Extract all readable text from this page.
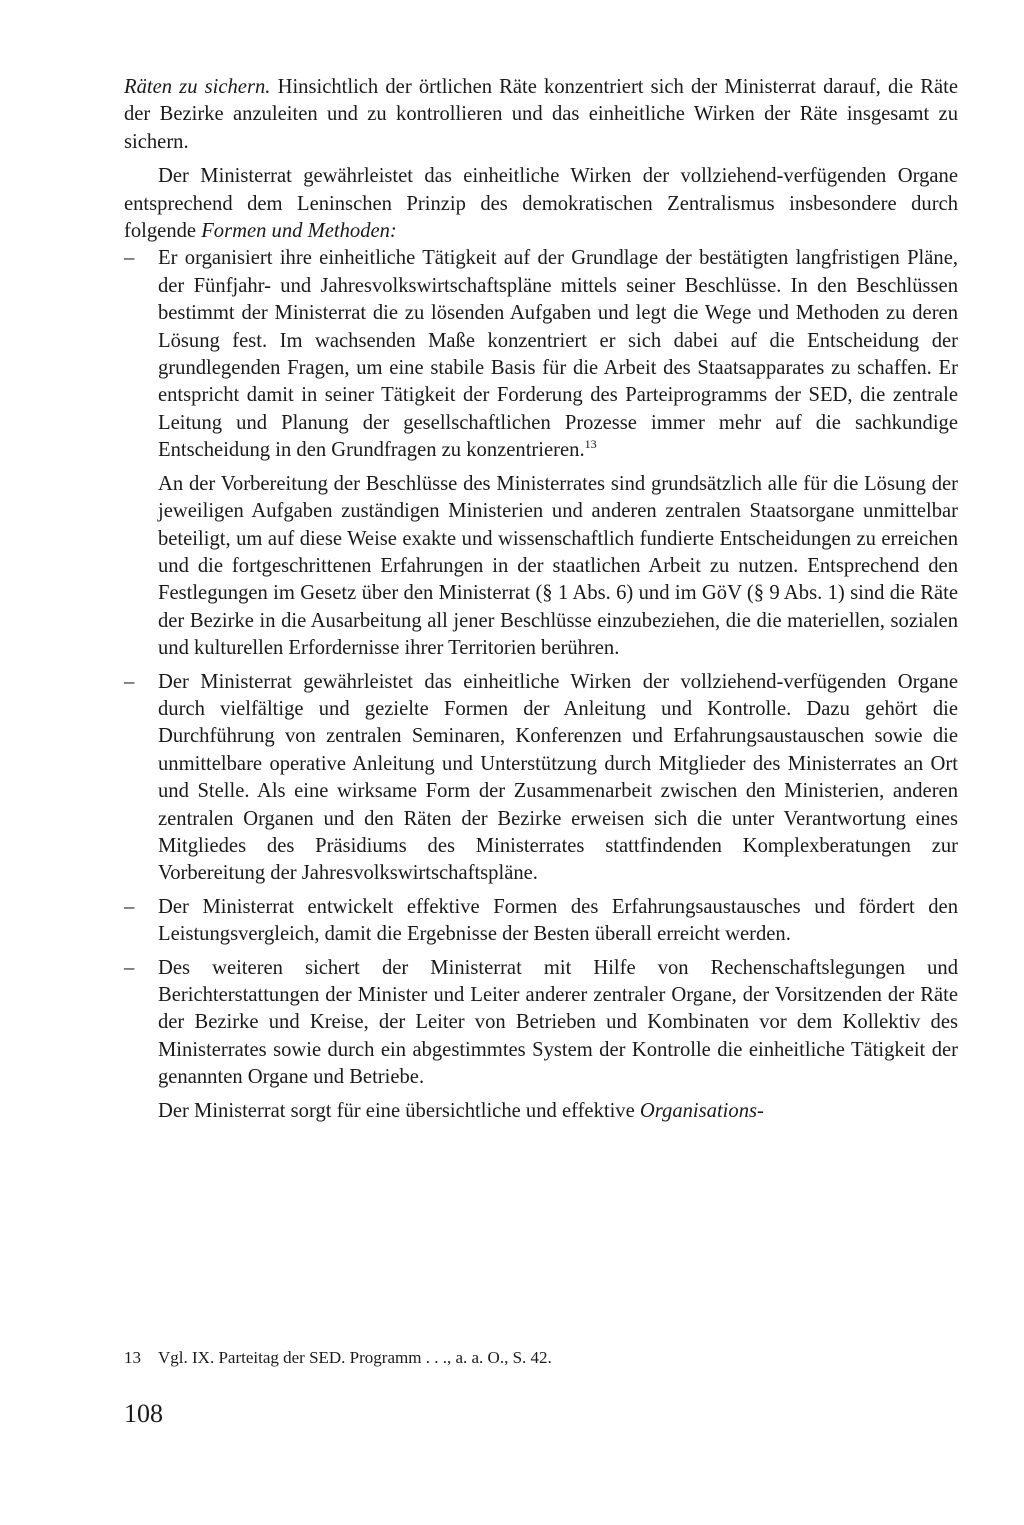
Räten zu sichern. Hinsichtlich der örtlichen Räte konzentriert sich der Ministerrat darauf, die Räte der Bezirke anzuleiten und zu kontrollieren und das einheitliche Wirken der Räte insgesamt zu sichern.

Der Ministerrat gewährleistet das einheitliche Wirken der vollziehend-verfügenden Organe entsprechend dem Leninschen Prinzip des demokratischen Zentralismus insbesondere durch folgende Formen und Methoden:

– Er organisiert ihre einheitliche Tätigkeit auf der Grundlage der bestätigten langfristigen Pläne, der Fünfjahr- und Jahresvolkswirtschaftspläne mittels seiner Beschlüsse. In den Beschlüssen bestimmt der Ministerrat die zu lösenden Aufgaben und legt die Wege und Methoden zu deren Lösung fest. Im wachsenden Maße konzentriert er sich dabei auf die Entscheidung der grundlegenden Fragen, um eine stabile Basis für die Arbeit des Staatsapparates zu schaffen. Er entspricht damit in seiner Tätigkeit der Forderung des Parteiprogramms der SED, die zentrale Leitung und Planung der gesellschaftlichen Prozesse immer mehr auf die sachkundige Entscheidung in den Grundfragen zu konzentrieren.$^{13}$

An der Vorbereitung der Beschlüsse des Ministerrates sind grundsätzlich alle für die Lösung der jeweiligen Aufgaben zuständigen Ministerien und anderen zentralen Staatsorgane unmittelbar beteiligt, um auf diese Weise exakte und wissenschaftlich fundierte Entscheidungen zu erreichen und die fortgeschrittenen Erfahrungen in der staatlichen Arbeit zu nutzen. Entsprechend den Festlegungen im Gesetz über den Ministerrat (§ 1 Abs. 6) und im GöV (§ 9 Abs. 1) sind die Räte der Bezirke in die Ausarbeitung all jener Beschlüsse einzubeziehen, die die materiellen, sozialen und kulturellen Erfordernisse ihrer Territorien berühren.

– Der Ministerrat gewährleistet das einheitliche Wirken der vollziehend-verfügenden Organe durch vielfältige und gezielte Formen der Anleitung und Kontrolle. Dazu gehört die Durchführung von zentralen Seminaren, Konferenzen und Erfahrungsaustauschen sowie die unmittelbare operative Anleitung und Unterstützung durch Mitglieder des Ministerrates an Ort und Stelle. Als eine wirksame Form der Zusammenarbeit zwischen den Ministerien, anderen zentralen Organen und den Räten der Bezirke erweisen sich die unter Verantwortung eines Mitgliedes des Präsidiums des Ministerrates stattfindenden Komplexberatungen zur Vorbereitung der Jahresvolkswirtschaftspläne.
– Der Ministerrat entwickelt effektive Formen des Erfahrungsaustausches und fördert den Leistungsvergleich, damit die Ergebnisse der Besten überall erreicht werden.
– Des weiteren sichert der Ministerrat mit Hilfe von Rechenschaftslegungen und Berichterstattungen der Minister und Leiter anderer zentraler Organe, der Vorsitzenden der Räte der Bezirke und Kreise, der Leiter von Betrieben und Kombinaten vor dem Kollektiv des Ministerrates sowie durch ein abgestimmtes System der Kontrolle die einheitliche Tätigkeit der genannten Organe und Betriebe.

Der Ministerrat sorgt für eine übersichtliche und effektive Organisations-

13 Vgl. IX. Parteitag der SED. Programm . . ., a. a. O., S. 42.
108
